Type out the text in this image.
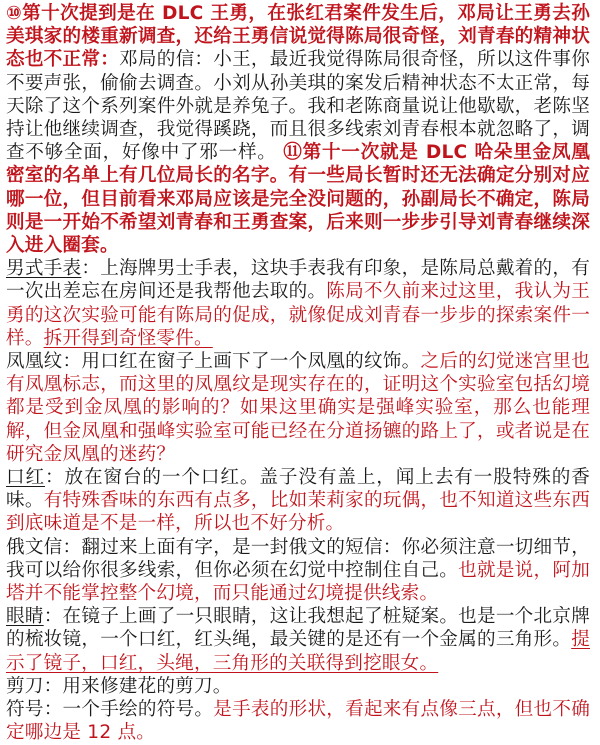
⑩第十次提到是在 DLC 王勇，在张红君案件发生后，邓局让王勇去孙美琪家的楼重新调查，还给王勇信说觉得陈局很奇怪，刘青春的精神状态也不正常：邓局的信：小王，最近我觉得陈局很奇怪，所以这件事你不要声张，偷偷去调查。小刘从孙美琪的案发后精神状态不太正常，每天除了这个系列案件外就是养兔子。我和老陈商量说让他歇歇，老陈坚持让他继续调查，我觉得蹊跷，而且很多线索刘青春根本就忽略了，调查不够全面，好像中了邪一样。 ⑪第十一次就是 DLC 哈朵里金凤凰密室的名单上有几位局长的名字。有一些局长暂时还无法确定分别对应哪一位，但目前看来邓局应该是完全没问题的，孙副局长不确定，陈局则是一开始不希望刘青春和王勇查案，后来则一步步引导刘青春继续深入进入圈套。

男式手表：上海牌男士手表，这块手表我有印象，是陈局总戴着的，有一次出差忘在房间还是我帮他去取的。陈局不久前来过这里，我认为王勇的这次实验可能有陈局的促成，就像促成刘青春一步步的探索案件一样。拆开得到奇怪零件。

凤凰纹：用口红在窗子上画下了一个凤凰的纹饰。之后的幻觉迷宫里也有凤凰标志，而这里的凤凰纹是现实存在的，证明这个实验室包括幻境都是受到金凤凰的影响的？如果这里确实是强峰实验室，那么也能理解，但金凤凰和强峰实验室可能已经在分道扬镳的路上了，或者说是在研究金凤凰的迷药？

口红：放在窗台的一个口红。盖子没有盖上，闻上去有一股特殊的香味。有特殊香味的东西有点多，比如茉莉家的玩偶，也不知道这些东西到底味道是不是一样，所以也不好分析。

俄文信：翻过来上面有字，是一封俄文的短信：你必须注意一切细节，我可以给你很多线索，但你必须在幻觉中控制住自己。也就是说，阿加塔并不能掌控整个幻境，而只能通过幻境提供线索。

眼睛：在镜子上画了一只眼睛，这让我想起了桩疑案。也是一个北京牌的梳妆镜，一个口红，红头绳，最关键的是还有一个金属的三角形。提示了镜子，口红，头绳，三角形的关联得到挖眼女。

剪刀：用来修建花的剪刀。

符号：一个手绘的符号。是手表的形状，看起来有点像三点，但也不确定哪边是 12 点。
